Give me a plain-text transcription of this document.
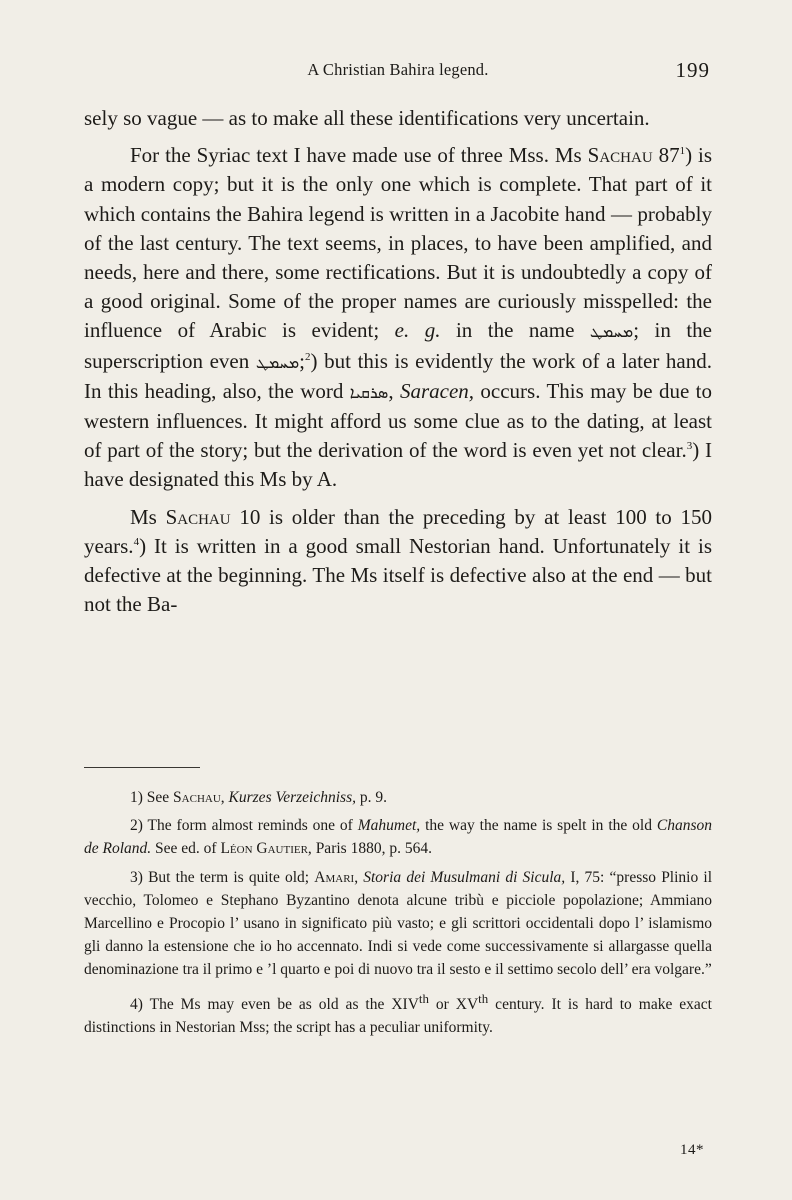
A Christian Bahira legend.	199

sely so vague — as to make all these identifications very uncertain.

For the Syriac text I have made use of three Mss. Ms Sachau 87$^1$) is a modern copy; but it is the only one which is complete. That part of it which contains the Bahira legend is written in a Jacobite hand — probably of the last century. The text seems, in places, to have been amplified, and needs, here and there, some rectifications. But it is undoubtedly a copy of a good original. Some of the proper names are curiously misspelled: the influence of Arabic is evident; e. g. in the name ܡܚܡܛ; in the superscription even ܡܚܡܛ;$^2$) but this is evidently the work of a later hand. In this heading, also, the word ܣܪܩܝܐ, Saracen, occurs. This may be due to western influences. It might afford us some clue as to the dating, at least of part of the story; but the derivation of the word is even yet not clear.$^3$) I have designated this Ms by A.

Ms Sachau 10 is older than the preceding by at least 100 to 150 years.$^4$) It is written in a good small Nestorian hand. Unfortunately it is defective at the beginning. The Ms itself is defective also at the end — but not the Ba-

1) See Sachau, Kurzes Verzeichniss, p. 9.

2) The form almost reminds one of Mahumet, the way the name is spelt in the old Chanson de Roland. See ed. of Léon Gautier, Paris 1880, p. 564.

3) But the term is quite old; Amari, Storia dei Musulmani di Sicula, I, 75: “presso Plinio il vecchio, Tolomeo e Stephano Byzantino denota alcune tribù e picciole popolazione; Ammiano Marcellino e Procopio l’ usano in significato più vasto; e gli scrittori occidentali dopo l’ islamismo gli danno la estensione che io ho accennato. Indi si vede come successivamente si allargasse quella denominazione tra il primo e ’l quarto e poi di nuovo tra il sesto e il settimo secolo dell’ era volgare.”

4) The Ms may even be as old as the XIVth or XVth century. It is hard to make exact distinctions in Nestorian Mss; the script has a peculiar uniformity.

14*
